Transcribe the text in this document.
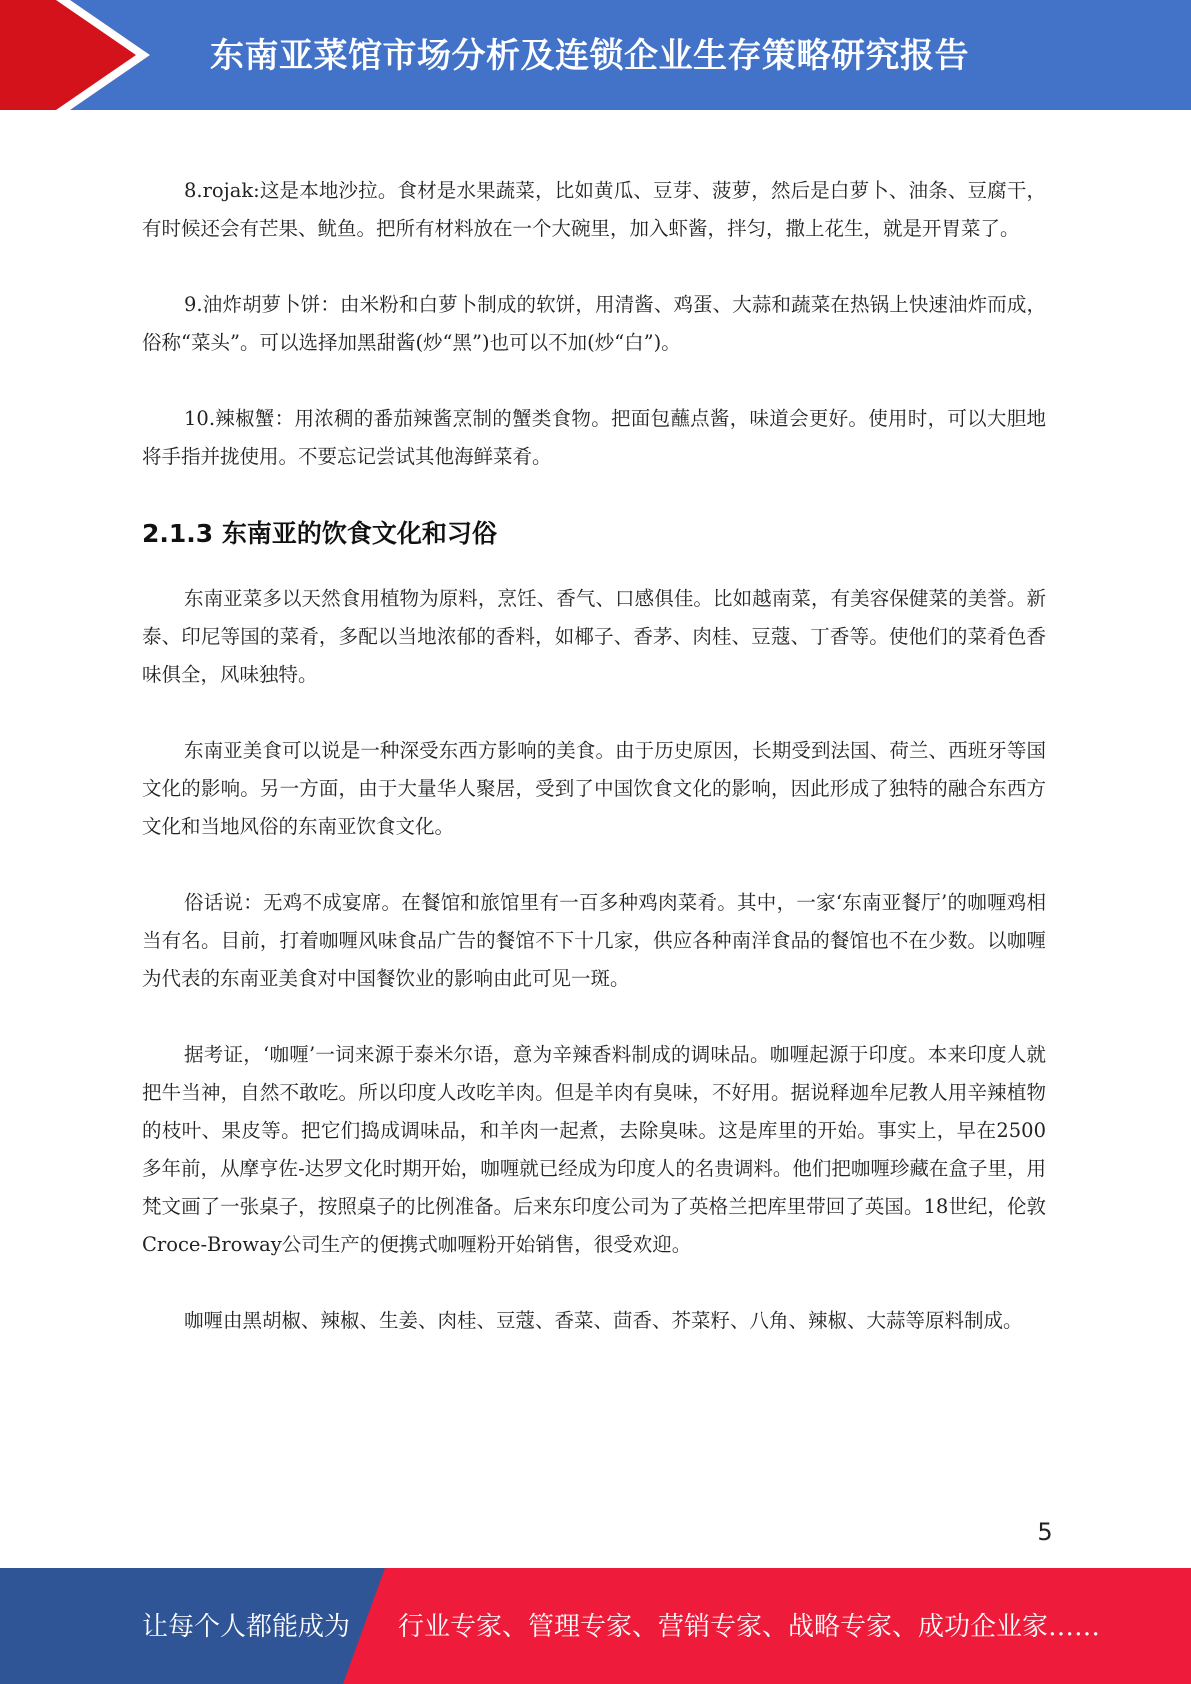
东南亚菜馆市场分析及连锁企业生存策略研究报告

8.rojak:这是本地沙拉。食材是水果蔬菜，比如黄瓜、豆芽、菠萝，然后是白萝卜、油条、豆腐干，有时候还会有芒果、鱿鱼。把所有材料放在一个大碗里，加入虾酱，拌匀，撒上花生，就是开胃菜了。

9.油炸胡萝卜饼：由米粉和白萝卜制成的软饼，用清酱、鸡蛋、大蒜和蔬菜在热锅上快速油炸而成，俗称“菜头”。可以选择加黑甜酱(炒“黑”)也可以不加(炒“白”)。

10.辣椒蟹：用浓稠的番茄辣酱烹制的蟹类食物。把面包蘸点酱，味道会更好。使用时，可以大胆地将手指并拢使用。不要忘记尝试其他海鲜菜肴。

2.1.3 东南亚的饮食文化和习俗

东南亚菜多以天然食用植物为原料，烹饪、香气、口感俱佳。比如越南菜，有美容保健菜的美誉。新泰、印尼等国的菜肴，多配以当地浓郁的香料，如椰子、香茅、肉桂、豆蔻、丁香等。使他们的菜肴色香味俱全，风味独特。

东南亚美食可以说是一种深受东西方影响的美食。由于历史原因，长期受到法国、荷兰、西班牙等国文化的影响。另一方面，由于大量华人聚居，受到了中国饮食文化的影响，因此形成了独特的融合东西方文化和当地风俗的东南亚饮食文化。

俗话说：无鸡不成宴席。在餐馆和旅馆里有一百多种鸡肉菜肴。其中，一家‘东南亚餐厅’的咖喱鸡相当有名。目前，打着咖喱风味食品广告的餐馆不下十几家，供应各种南洋食品的餐馆也不在少数。以咖喱为代表的东南亚美食对中国餐饮业的影响由此可见一斑。

据考证，‘咖喱’一词来源于泰米尔语，意为辛辣香料制成的调味品。咖喱起源于印度。本来印度人就把牛当神，自然不敢吃。所以印度人改吃羊肉。但是羊肉有臭味，不好用。据说释迦牟尼教人用辛辣植物的枝叶、果皮等。把它们捣成调味品，和羊肉一起煮，去除臭味。这是库里的开始。事实上，早在2500多年前，从摩亨佐-达罗文化时期开始，咖喱就已经成为印度人的名贵调料。他们把咖喱珍藏在盒子里，用梵文画了一张桌子，按照桌子的比例准备。后来东印度公司为了英格兰把库里带回了英国。18世纪，伦敦Croce-Broway公司生产的便携式咖喱粉开始销售，很受欢迎。

咖喱由黑胡椒、辣椒、生姜、肉桂、豆蔻、香菜、茴香、芥菜籽、八角、辣椒、大蒜等原料制成。

5
让每个人都能成为 行业专家、管理专家、营销专家、战略专家、成功企业家……
